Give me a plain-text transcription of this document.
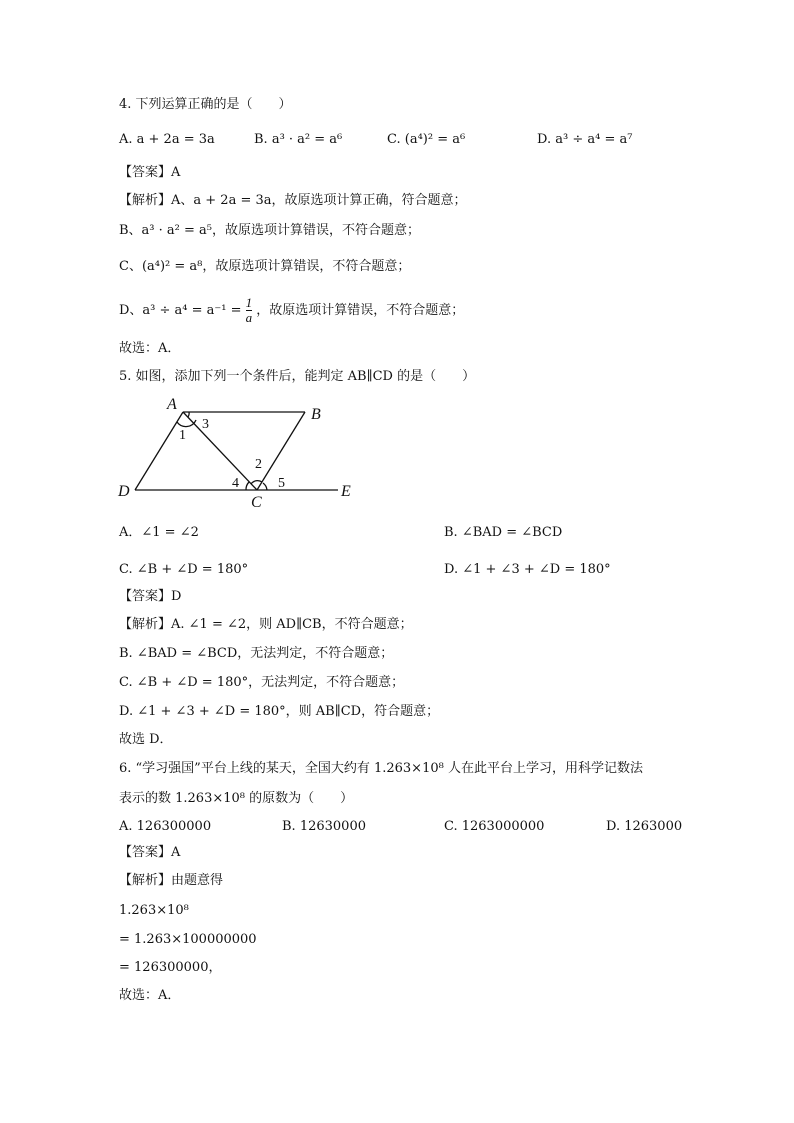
4. 下列运算正确的是（　　）
A. a + 2a = 3a	B. a³ · a² = a⁶	C. (a⁴)² = a⁶	D. a³ ÷ a⁴ = a⁷
【答案】A
【解析】A、a + 2a = 3a，故原选项计算正确，符合题意；
B、a³ · a² = a⁵，故原选项计算错误，不符合题意；
C、(a⁴)² = a⁸，故原选项计算错误，不符合题意；
D、$a^3 \div a^4 = a^{-1} = \frac{1}{a}$ ，故原选项计算错误，不符合题意；
故选：A．
5. 如图，添加下列一个条件后，能判定 AB∥CD 的是（　　）
A
B
C
D	E
1
3
2
4	5
A．∠1 = ∠2	B. ∠BAD = ∠BCD
C. ∠B + ∠D = 180°	D. ∠1 + ∠3 + ∠D = 180°
【答案】D
【解析】A. ∠1 = ∠2，则 AD∥CB，不符合题意；
B. ∠BAD = ∠BCD，无法判定，不符合题意；
C. ∠B + ∠D = 180°，无法判定，不符合题意；
D. ∠1 + ∠3 + ∠D = 180°，则 AB∥CD，符合题意；
故选 D．
6. “学习强国”平台上线的某天，全国大约有 1.263×10⁸ 人在此平台上学习，用科学记数法
表示的数 1.263×10⁸ 的原数为（　　）
A. 126300000	B. 12630000	C. 1263000000	D. 1263000
【答案】A
【解析】由题意得
1.263×10⁸
= 1.263×100000000
= 126300000，
故选：A．
